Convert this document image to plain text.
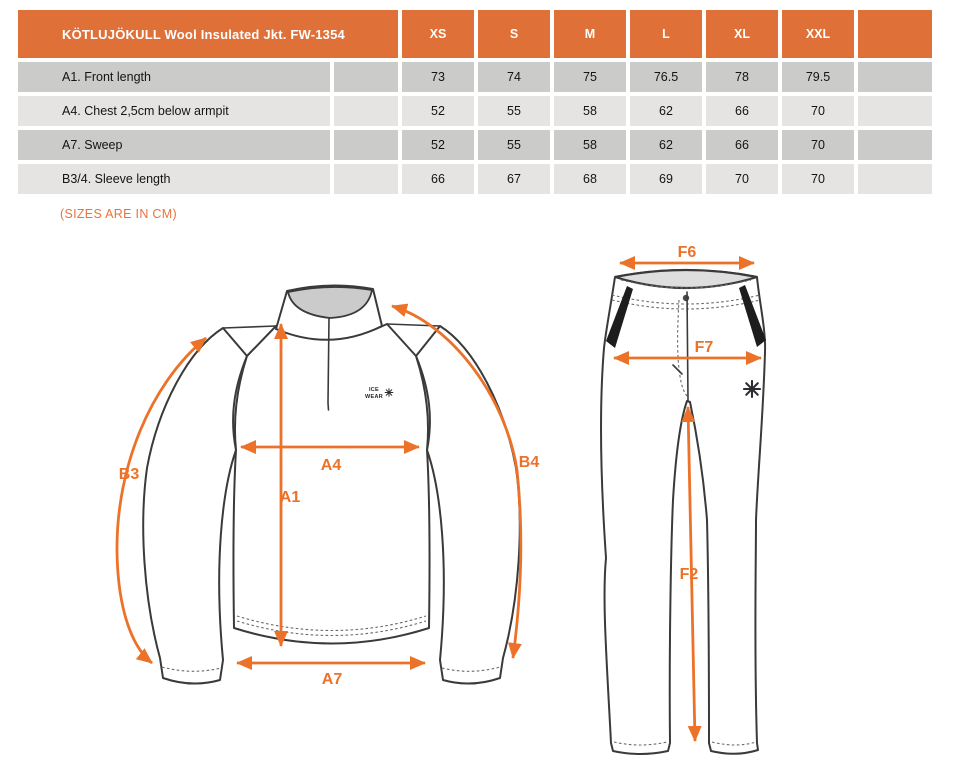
KÖTLUJÖKULL Wool Insulated Jkt. FW-1354		XS	S	M	L	XL	XXL	
A1. Front length		73	74	75	76.5	78	79.5	
A4. Chest 2,5cm below armpit		52	55	58	62	66	70	
A7. Sweep		52	55	58	62	66	70	
B3/4. Sleeve length		66	67	68	69	70	70	
(SIZES ARE IN CM)
ICE
WEAR
A4
A1
A7
B3
B4
F6
F7
F2
